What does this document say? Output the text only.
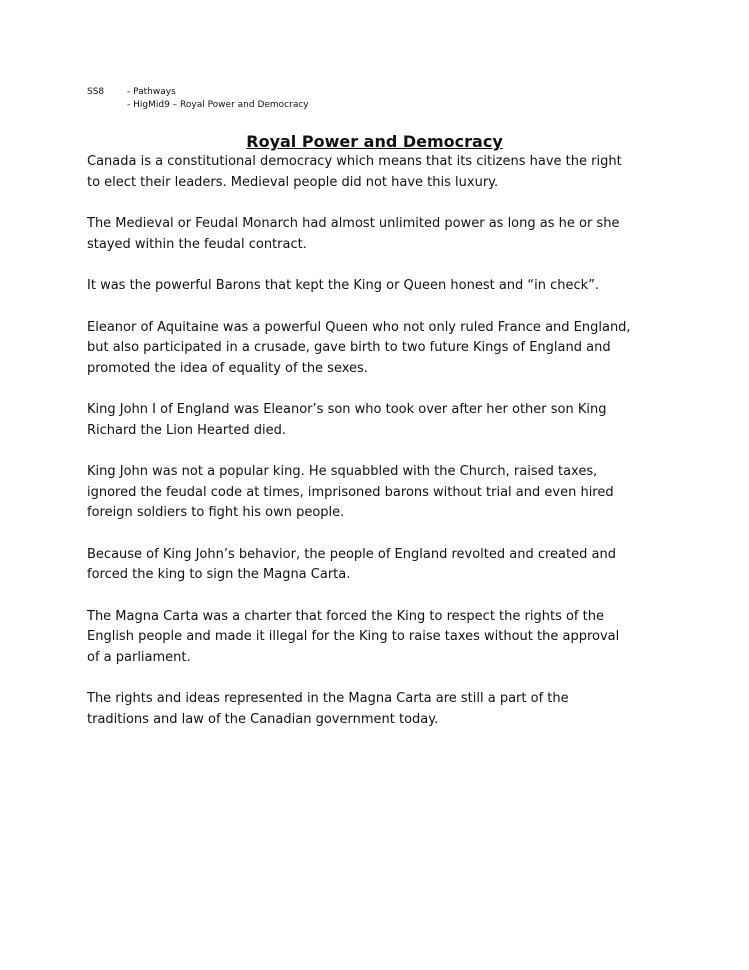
SS8	- Pathways
- HigMid9 – Royal Power and Democracy
Royal Power and Democracy

Canada is a constitutional democracy which means that its citizens have the right
to elect their leaders. Medieval people did not have this luxury.

The Medieval or Feudal Monarch had almost unlimited power as long as he or she
stayed within the feudal contract.

It was the powerful Barons that kept the King or Queen honest and “in check”.

Eleanor of Aquitaine was a powerful Queen who not only ruled France and England,
but also participated in a crusade, gave birth to two future Kings of England and
promoted the idea of equality of the sexes.

King John I of England was Eleanor’s son who took over after her other son King
Richard the Lion Hearted died.

King John was not a popular king. He squabbled with the Church, raised taxes,
ignored the feudal code at times, imprisoned barons without trial and even hired
foreign soldiers to fight his own people.

Because of King John’s behavior, the people of England revolted and created and
forced the king to sign the Magna Carta.

The Magna Carta was a charter that forced the King to respect the rights of the
English people and made it illegal for the King to raise taxes without the approval
of a parliament.

The rights and ideas represented in the Magna Carta are still a part of the
traditions and law of the Canadian government today.
